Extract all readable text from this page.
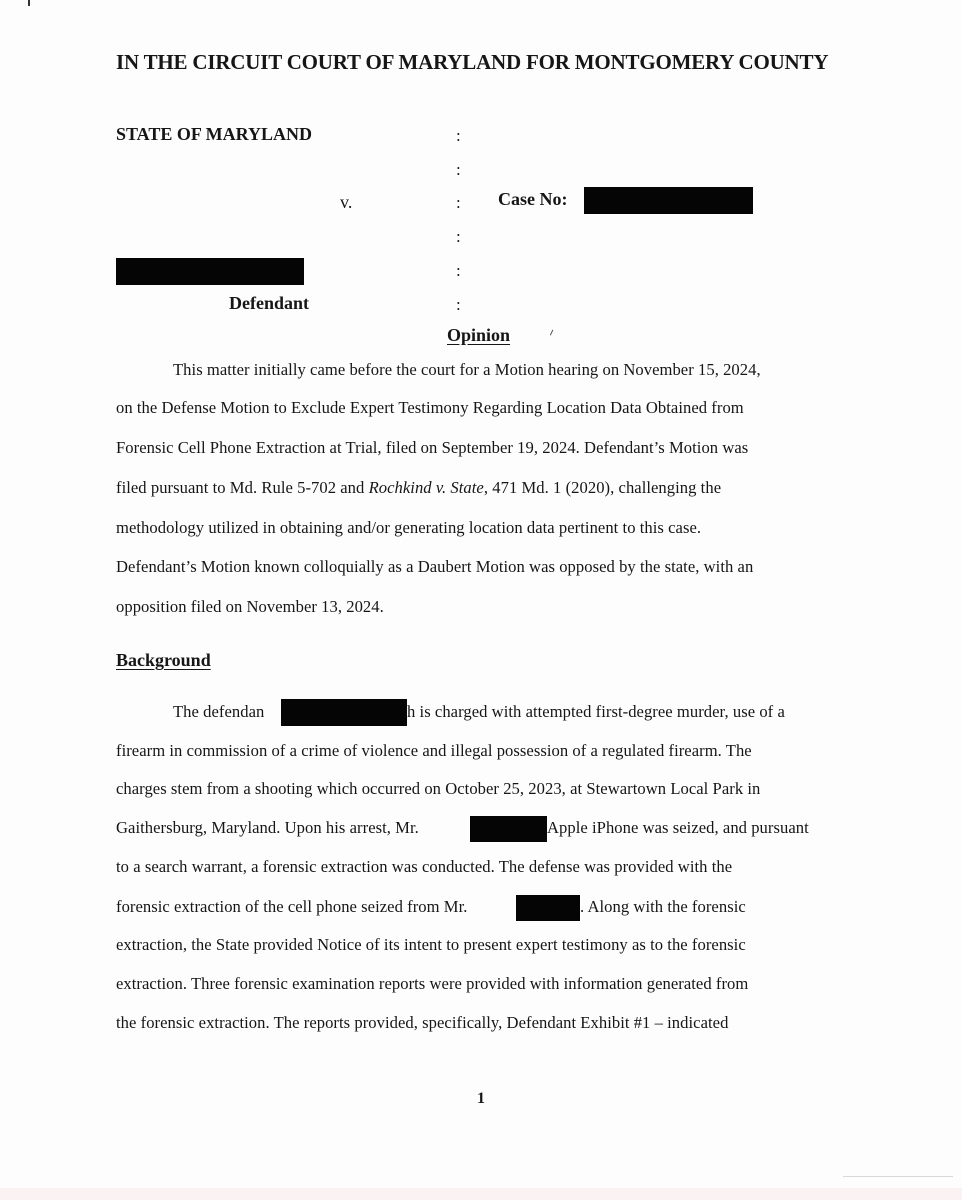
IN THE CIRCUIT COURT OF MARYLAND FOR MONTGOMERY COUNTY
STATE OF MARYLAND	:
:
:
:
:
:
v.	Case No:
Defendant
Opinion
This matter initially came before the court for a Motion hearing on November 15, 2024,
on the Defense Motion to Exclude Expert Testimony Regarding Location Data Obtained from
Forensic Cell Phone Extraction at Trial, filed on September 19, 2024. Defendant’s Motion was
filed pursuant to Md. Rule 5-702 and Rochkind v. State, 471 Md. 1 (2020), challenging the
methodology utilized in obtaining and/or generating location data pertinent to this case.
Defendant’s Motion known colloquially as a Daubert Motion was opposed by the state, with an
opposition filed on November 13, 2024.
Background
The defendan	h is charged with attempted first-degree murder, use of a
firearm in commission of a crime of violence and illegal possession of a regulated firearm. The
charges stem from a shooting which occurred on October 25, 2023, at Stewartown Local Park in
Gaithersburg, Maryland. Upon his arrest, Mr.	Apple iPhone was seized, and pursuant
to a search warrant, a forensic extraction was conducted. The defense was provided with the
forensic extraction of the cell phone seized from Mr.	. Along with the forensic
extraction, the State provided Notice of its intent to present expert testimony as to the forensic
extraction. Three forensic examination reports were provided with information generated from
the forensic extraction. The reports provided, specifically, Defendant Exhibit #1 – indicated
1
